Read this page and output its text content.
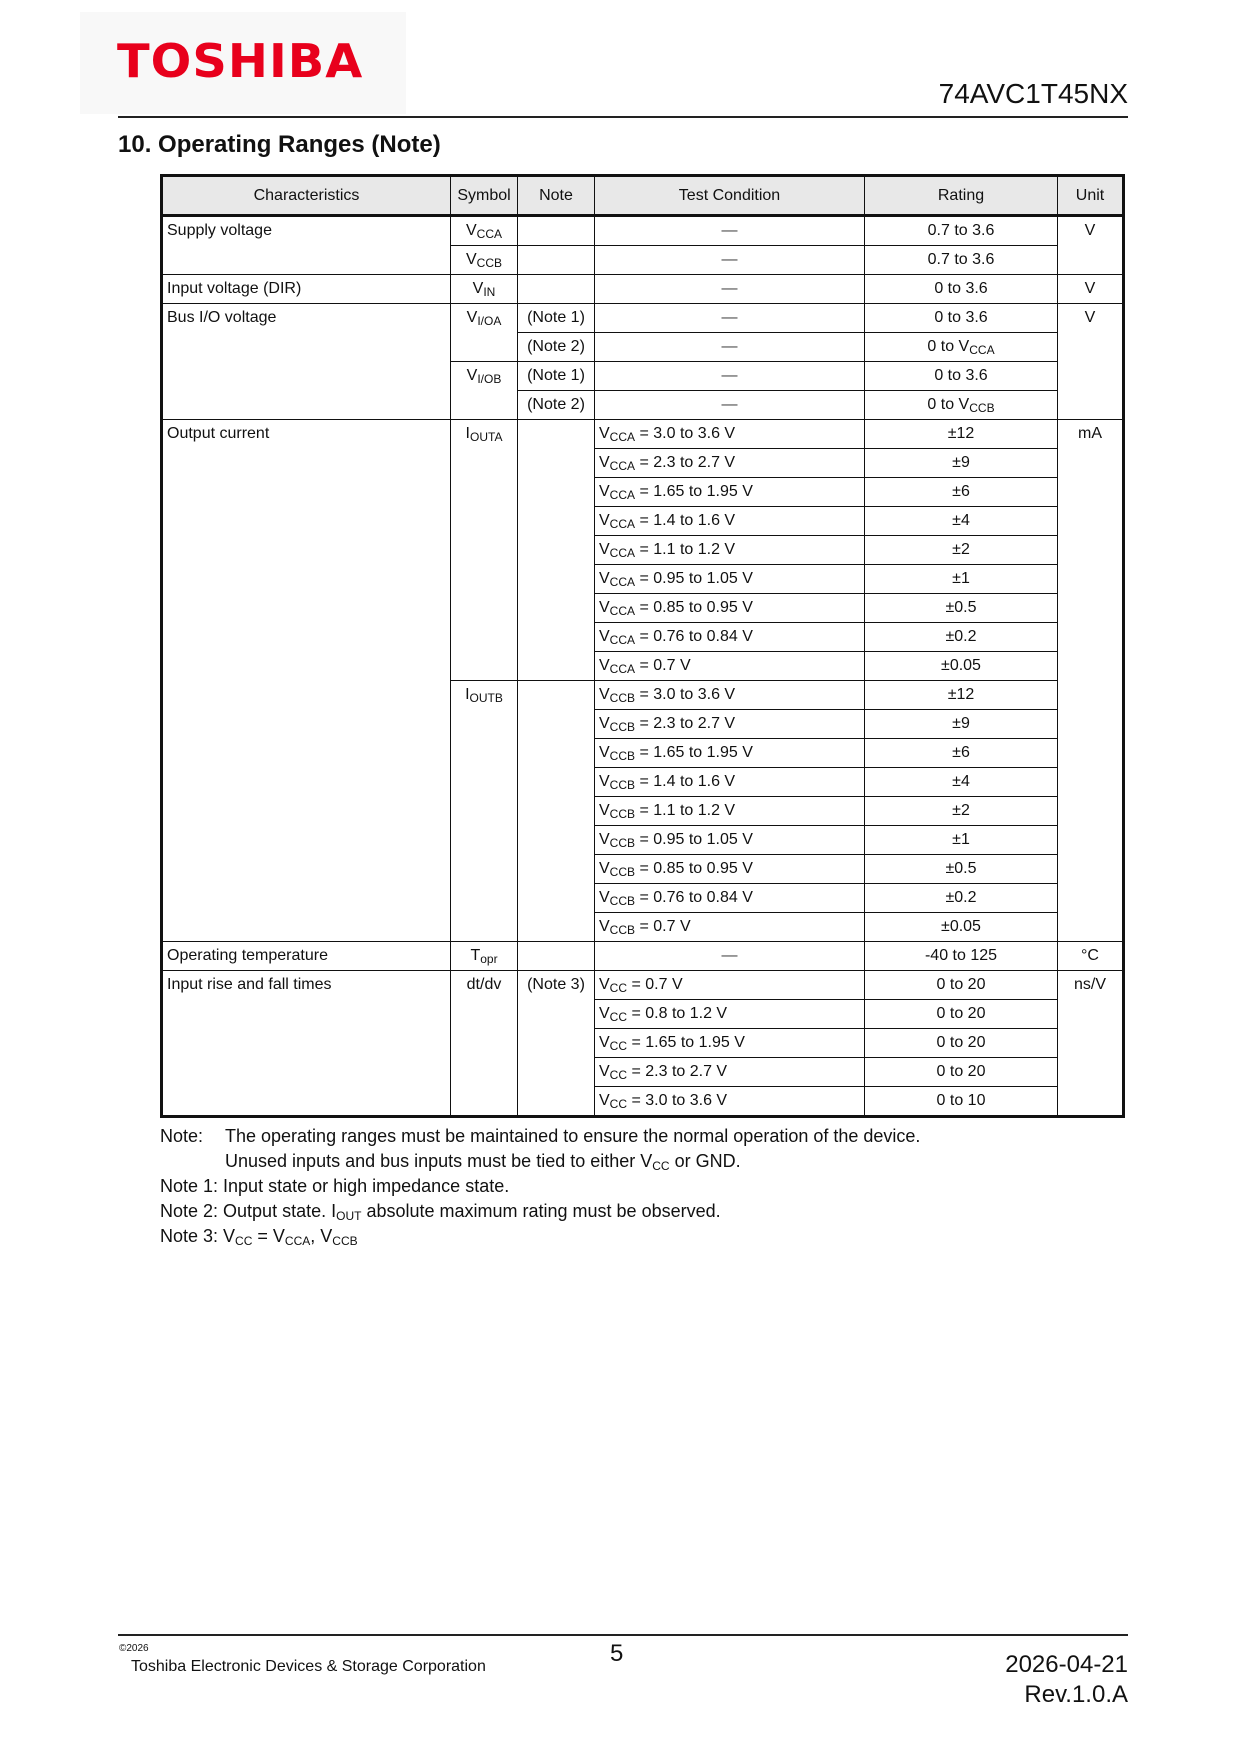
TOSHIBA
74AVC1T45NX
10. Operating Ranges (Note)
Characteristics	Symbol	Note	Test Condition	Rating	Unit
Supply voltage	$V_{CCA}$		—	0.7 to 3.6	V
	$V_{CCB}$		—	0.7 to 3.6	
Input voltage (DIR)	$V_{IN}$		—	0 to 3.6	V
Bus I/O voltage	$V_{I/OA}$	(Note 1)	—	0 to 3.6	V
		(Note 2)	—	0 to $V_{CCA}$
	$V_{I/OB}$	(Note 1)	—	0 to 3.6	
		(Note 2)	—	0 to $V_{CCB}$
Output current	$I_{OUTA}$		$V_{CCA} = 3.0$ to 3.6 V	±12	mA
			$V_{CCA} = 2.3$ to 2.7 V	±9	
			$V_{CCA} = 1.65$ to 1.95 V	±6	
			$V_{CCA} = 1.4$ to 1.6 V	±4	
			$V_{CCA} = 1.1$ to 1.2 V	±2	
			$V_{CCA} = 0.95$ to 1.05 V	±1	
			$V_{CCA} = 0.85$ to 0.95 V	±0.5	
			$V_{CCA} = 0.76$ to 0.84 V	±0.2	
			$V_{CCA} = 0.7$ V	±0.05	
	$I_{OUTB}$		$V_{CCB} = 3.0$ to 3.6 V	±12	
			$V_{CCB} = 2.3$ to 2.7 V	±9	
			$V_{CCB} = 1.65$ to 1.95 V	±6	
			$V_{CCB} = 1.4$ to 1.6 V	±4	
			$V_{CCB} = 1.1$ to 1.2 V	±2	
			$V_{CCB} = 0.95$ to 1.05 V	±1	
			$V_{CCB} = 0.85$ to 0.95 V	±0.5	
			$V_{CCB} = 0.76$ to 0.84 V	±0.2	
			$V_{CCB} = 0.7$ V	±0.05	
Operating temperature	$T_{opr}$		—	-40 to 125	°C
Input rise and fall times	dt/dv	(Note 3)	$V_{CC} = 0.7$ V	0 to 20	ns/V
			$V_{CC} = 0.8$ to 1.2 V	0 to 20	
			$V_{CC} = 1.65$ to 1.95 V	0 to 20	
			$V_{CC} = 2.3$ to 2.7 V	0 to 20	
			$V_{CC} = 3.0$ to 3.6 V	0 to 10	
Note: The operating ranges must be maintained to ensure the normal operation of the device.
Unused inputs and bus inputs must be tied to either $V_{CC}$ or GND.
Note 1: Input state or high impedance state.
Note 2: Output state. $I_{OUT}$ absolute maximum rating must be observed.
Note 3: $V_{CC} = V_{CCA}$, $V_{CCB}$
©2026
Toshiba Electronic Devices & Storage Corporation	5	2026-04-21
Rev.1.0.A
